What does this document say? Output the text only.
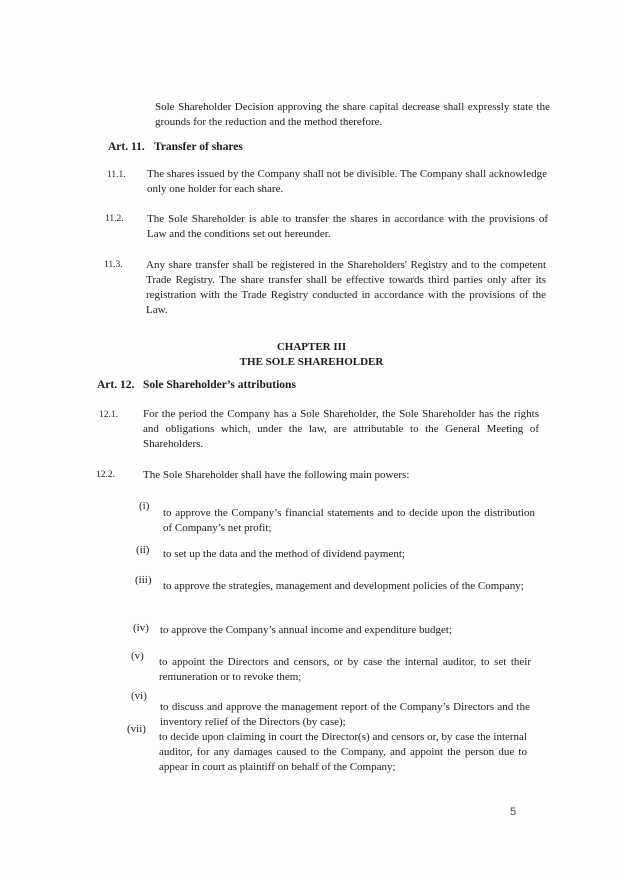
Sole Shareholder Decision approving the share capital decrease shall expressly state the grounds for the reduction and the method therefore.
Art. 11. Transfer of shares
11.1. The shares issued by the Company shall not be divisible. The Company shall acknowledge only one holder for each share.
11.2. The Sole Shareholder is able to transfer the shares in accordance with the provisions of Law and the conditions set out hereunder.
11.3. Any share transfer shall be registered in the Shareholders' Registry and to the competent Trade Registry. The share transfer shall be effective towards third parties only after its registration with the Trade Registry conducted in accordance with the provisions of the Law.
CHAPTER III
THE SOLE SHAREHOLDER
Art. 12. Sole Shareholder’s attributions
12.1. For the period the Company has a Sole Shareholder, the Sole Shareholder has the rights and obligations which, under the law, are attributable to the General Meeting of Shareholders.
12.2.	The Sole Shareholder shall have the following main powers:
(i)
to approve the Company’s financial statements and to decide upon the distribution of Company’s net profit;
(ii) to set up the data and the method of dividend payment;
(iii) to approve the strategies, management and development policies of the Company;
(iv) to approve the Company’s annual income and expenditure budget;
(v) to appoint the Directors and censors, or by case the internal auditor, to set their remuneration or to revoke them;
(vi)
to discuss and approve the management report of the Company’s Directors and the inventory relief of the Directors (by case);
(vii)
to decide upon claiming in court the Director(s) and censors or, by case the internal auditor, for any damages caused to the Company, and appoint the person due to appear in court as plaintiff on behalf of the Company;
5
